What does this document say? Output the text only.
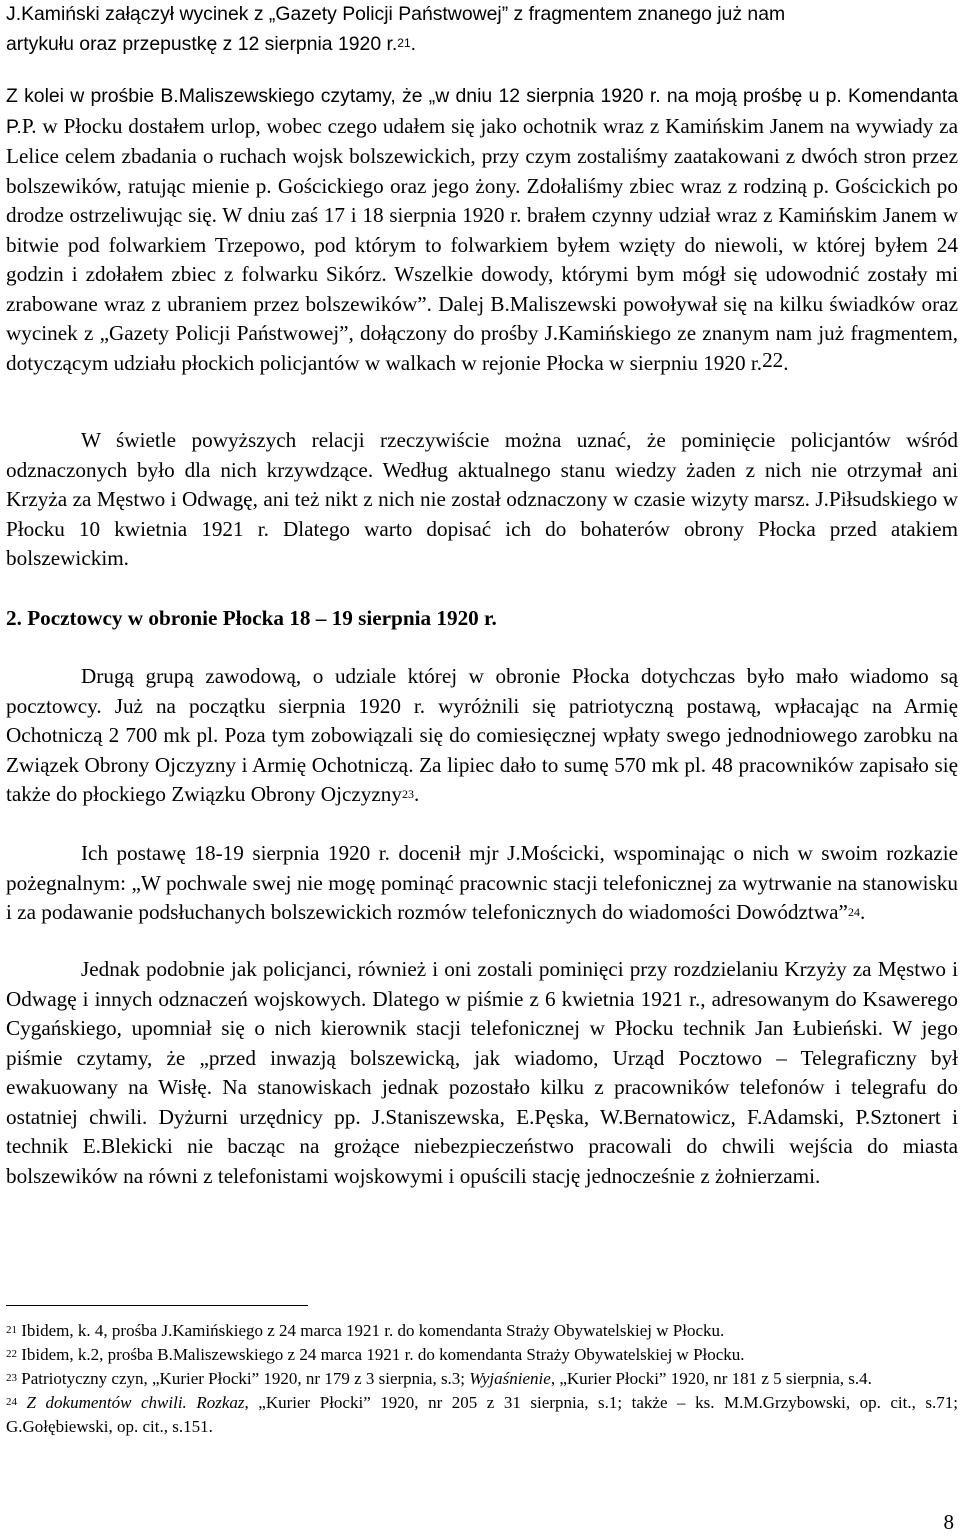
J.Kamiński załączył wycinek z „Gazety Policji Państwowej” z fragmentem znanego już nam
artykułu oraz przepustkę z 12 sierpnia 1920 r.$^{21}$.

Z kolei w prośbie B.Maliszewskiego czytamy, że „w dniu 12 sierpnia 1920 r. na moją prośbę u p. Komendanta P.P. w Płocku dostałem urlop, wobec czego udałem się jako ochotnik wraz z Kamińskim Janem na wywiady za Lelice celem zbadania o ruchach wojsk bolszewickich, przy czym zostaliśmy zaatakowani z dwóch stron przez bolszewików, ratując mienie p. Gościckiego oraz jego żony. Zdołaliśmy zbiec wraz z rodziną p. Gościckich po drodze ostrzeliwując się. W dniu zaś 17 i 18 sierpnia 1920 r. brałem czynny udział wraz z Kamińskim Janem w bitwie pod folwarkiem Trzepowo, pod którym to folwarkiem byłem wzięty do niewoli, w której byłem 24 godzin i zdołałem zbiec z folwarku Sikórz. Wszelkie dowody, którymi bym mógł się udowodnić zostały mi zrabowane wraz z ubraniem przez bolszewików”. Dalej B.Maliszewski powoływał się na kilku świadków oraz wycinek z „Gazety Policji Państwowej”, dołączony do prośby J.Kamińskiego ze znanym nam już fragmentem, dotyczącym udziału płockich policjantów w walkach w rejonie Płocka w sierpniu 1920 r.$^{22}$.

W świetle powyższych relacji rzeczywiście można uznać, że pominięcie policjantów wśród odznaczonych było dla nich krzywdzące. Według aktualnego stanu wiedzy żaden z nich nie otrzymał ani Krzyża za Męstwo i Odwagę, ani też nikt z nich nie został odznaczony w czasie wizyty marsz. J.Piłsudskiego w Płocku 10 kwietnia 1921 r. Dlatego warto dopisać ich do bohaterów obrony Płocka przed atakiem bolszewickim.

2. Pocztowcy w obronie Płocka 18 – 19 sierpnia 1920 r.

Drugą grupą zawodową, o udziale której w obronie Płocka dotychczas było mało wiadomo są pocztowcy. Już na początku sierpnia 1920 r. wyróżnili się patriotyczną postawą, wpłacając na Armię Ochotniczą 2 700 mk pl. Poza tym zobowiązali się do comiesięcznej wpłaty swego jednodniowego zarobku na Związek Obrony Ojczyzny i Armię Ochotniczą. Za lipiec dało to sumę 570 mk pl. 48 pracowników zapisało się także do płockiego Związku Obrony Ojczyzny$^{23}$.

Ich postawę 18-19 sierpnia 1920 r. docenił mjr J.Mościcki, wspominając o nich w swoim rozkazie pożegnalnym: „W pochwale swej nie mogę pominąć pracownic stacji telefonicznej za wytrwanie na stanowisku i za podawanie podsłuchanych bolszewickich rozmów telefonicznych do wiadomości Dowództwa”$^{24}$.

Jednak podobnie jak policjanci, również i oni zostali pominięci przy rozdzielaniu Krzyży za Męstwo i Odwagę i innych odznaczeń wojskowych. Dlatego w piśmie z 6 kwietnia 1921 r., adresowanym do Ksawerego Cygańskiego, upomniał się o nich kierownik stacji telefonicznej w Płocku technik Jan Łubieński. W jego piśmie czytamy, że „przed inwazją bolszewicką, jak wiadomo, Urząd Pocztowo – Telegraficzny był ewakuowany na Wisłę. Na stanowiskach jednak pozostało kilku z pracowników telefonów i telegrafu do ostatniej chwili. Dyżurni urzędnicy pp. J.Staniszewska, E.Pęska, W.Bernatowicz, F.Adamski, P.Sztonert i technik E.Blekicki nie bacząc na grożące niebezpieczeństwo pracowali do chwili wejścia do miasta bolszewików na równi z telefonistami wojskowymi i opuścili stację jednocześnie z żołnierzami.

$^{21}$ Ibidem, k. 4, prośba J.Kamińskiego z 24 marca 1921 r. do komendanta Straży Obywatelskiej w Płocku.

$^{22}$ Ibidem, k.2, prośba B.Maliszewskiego z 24 marca 1921 r. do komendanta Straży Obywatelskiej w Płocku.

$^{23}$ Patriotyczny czyn, „Kurier Płocki” 1920, nr 179 z 3 sierpnia, s.3; Wyjaśnienie, „Kurier Płocki” 1920, nr 181 z 5 sierpnia, s.4.

$^{24}$ Z dokumentów chwili. Rozkaz, „Kurier Płocki” 1920, nr 205 z 31 sierpnia, s.1; także – ks. M.M.Grzybowski, op. cit., s.71; G.Gołębiewski, op. cit., s.151.

8
